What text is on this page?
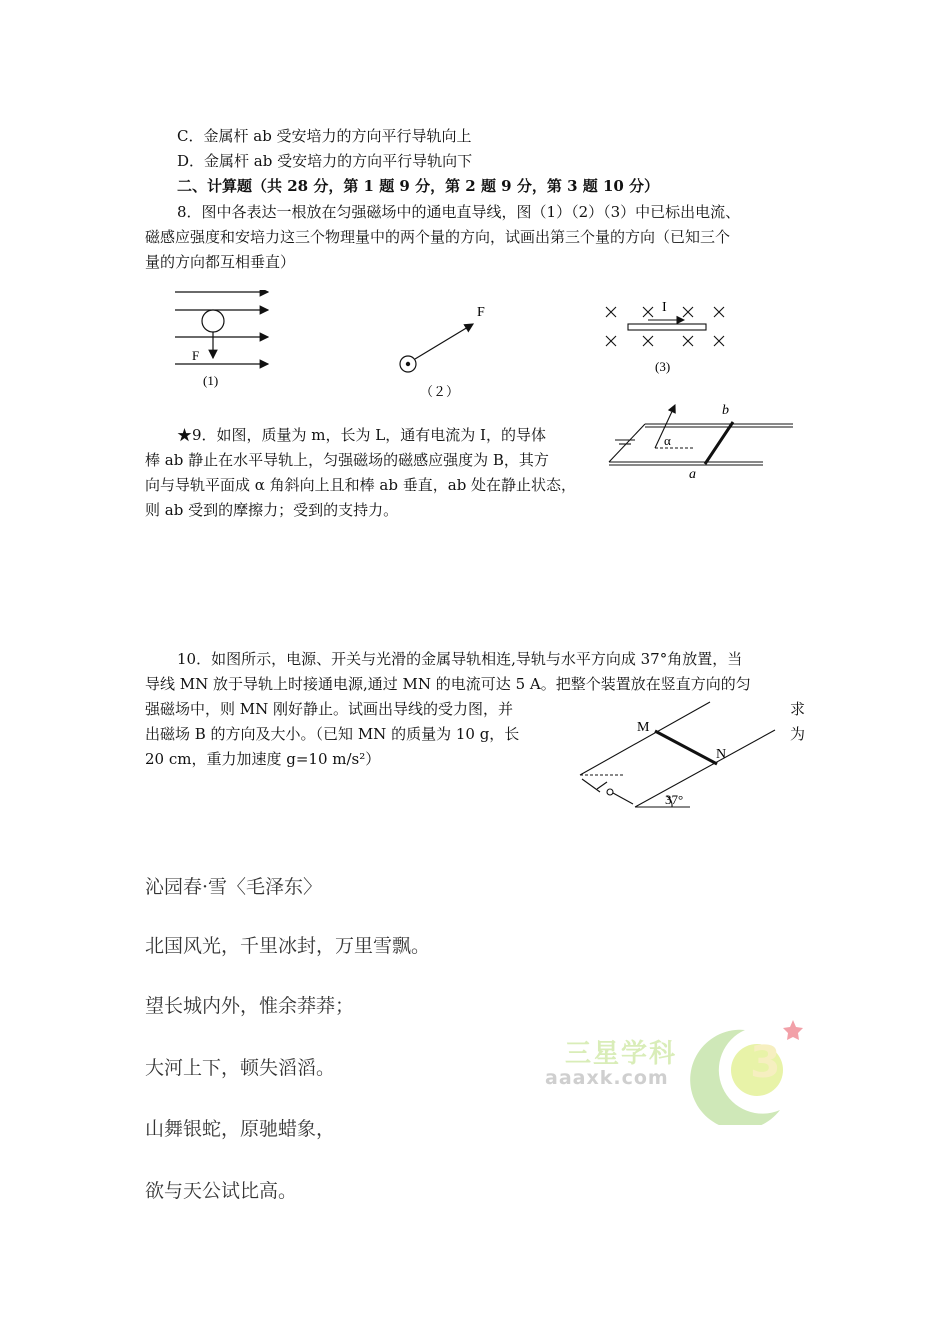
C．金属杆 ab 受安培力的方向平行导轨向上
D．金属杆 ab 受安培力的方向平行导轨向下
二、计算题（共 28 分，第 1 题 9 分，第 2 题 9 分，第 3 题 10 分）
8．图中各表达一根放在匀强磁场中的通电直导线，图（1）（2）（3）中已标出电流、
磁感应强度和安培力这三个物理量中的两个量的方向，试画出第三个量的方向（已知三个
量的方向都互相垂直）
F
(1)
F
（２）
I
(3)
★9．如图，质量为 m，长为 L，通有电流为 I，的导体
棒 ab 静止在水平导轨上，匀强磁场的磁感应强度为 B，其方
向与导轨平面成 α 角斜向上且和棒 ab 垂直，ab 处在静止状态，
则 ab 受到的摩擦力；受到的支持力。
α
b
a
10．如图所示，电源、开关与光滑的金属导轨相连,导轨与水平方向成 37°角放置，当
导线 MN 放于导轨上时接通电源,通过 MN 的电流可达 5 A。把整个装置放在竖直方向的匀
强磁场中，则 MN 刚好静止。试画出导线的受力图，并
出磁场 B 的方向及大小。（已知 MN 的质量为 10 g，长
20 cm，重力加速度 g=10 m/s²）
求
为
M
N
37°
沁园春·雪〈毛泽东〉
北国风光，千里冰封，万里雪飘。
望长城内外，惟余莽莽；
大河上下，顿失滔滔。
山舞银蛇，原驰蜡象，
欲与天公试比高。
3
三星学科
aaaxk.com
